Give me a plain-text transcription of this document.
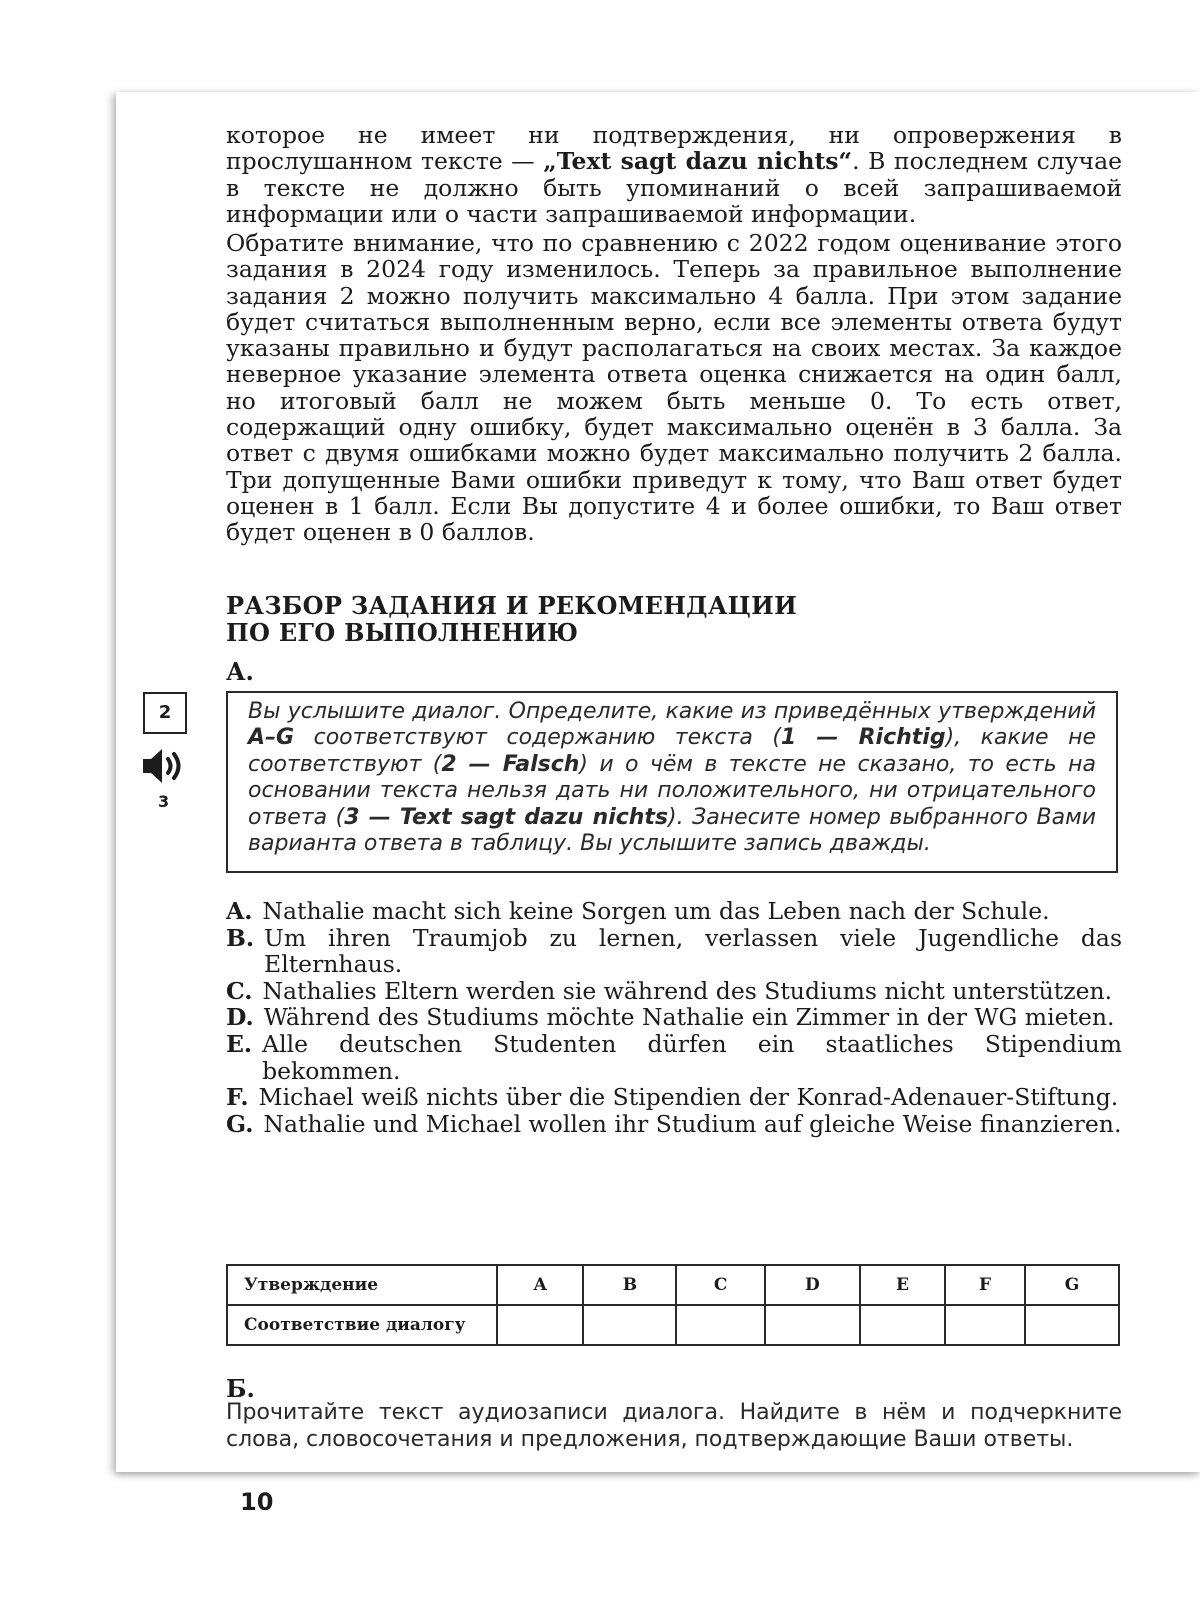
которое не имеет ни подтверждения, ни опровержения в прослушанном тексте — „Text sagt dazu nichts“. В последнем случае в тексте не должно быть упоминаний о всей запрашиваемой информации или о части запрашиваемой информации.

Обратите внимание, что по сравнению с 2022 годом оценивание этого задания в 2024 году изменилось. Теперь за правильное выполнение задания 2 можно получить максимально 4 балла. При этом задание будет считаться выполненным верно, если все элементы ответа будут указаны правильно и будут располагаться на своих местах. За каждое неверное указание элемента ответа оценка снижается на один балл, но итоговый балл не можем быть меньше 0. То есть ответ, содержащий одну ошибку, будет максимально оценён в 3 балла. За ответ с двумя ошибками можно будет максимально получить 2 балла. Три допущенные Вами ошибки приведут к тому, что Ваш ответ будет оценен в 1 балл. Если Вы допустите 4 и более ошибки, то Ваш ответ будет оценен в 0 баллов.

РАЗБОР ЗАДАНИЯ И РЕКОМЕНДАЦИИ
ПО ЕГО ВЫПОЛНЕНИЮ
А.
2
3
Вы услышите диалог. Определите, какие из приведённых утверждений A–G соответствуют содержанию текста (1 — Richtig), какие не соответствуют (2 — Falsch) и о чём в тексте не сказано, то есть на основании текста нельзя дать ни положительного, ни отрицательного ответа (3 — Text sagt dazu nichts). Занесите номер выбранного Вами варианта ответа в таблицу. Вы услышите запись дважды.
A. Nathalie macht sich keine Sorgen um das Leben nach der Schule.
B. Um ihren Traumjob zu lernen, verlassen viele Jugendliche das Elternhaus.
C. Nathalies Eltern werden sie während des Studiums nicht unterstützen.
D. Während des Studiums möchte Nathalie ein Zimmer in der WG mieten.
E. Alle deutschen Studenten dürfen ein staatliches Stipendium bekommen.
F. Michael weiß nichts über die Stipendien der Konrad-Adenauer-Stiftung.
G. Nathalie und Michael wollen ihr Studium auf gleiche Weise finanzieren.
Утверждение	A	B	C	D	E	F	G
Соответствие диалогу							
Б.
Прочитайте текст аудиозаписи диалога. Найдите в нём и подчеркните слова, словосочетания и предложения, подтверждающие Ваши ответы.
10
